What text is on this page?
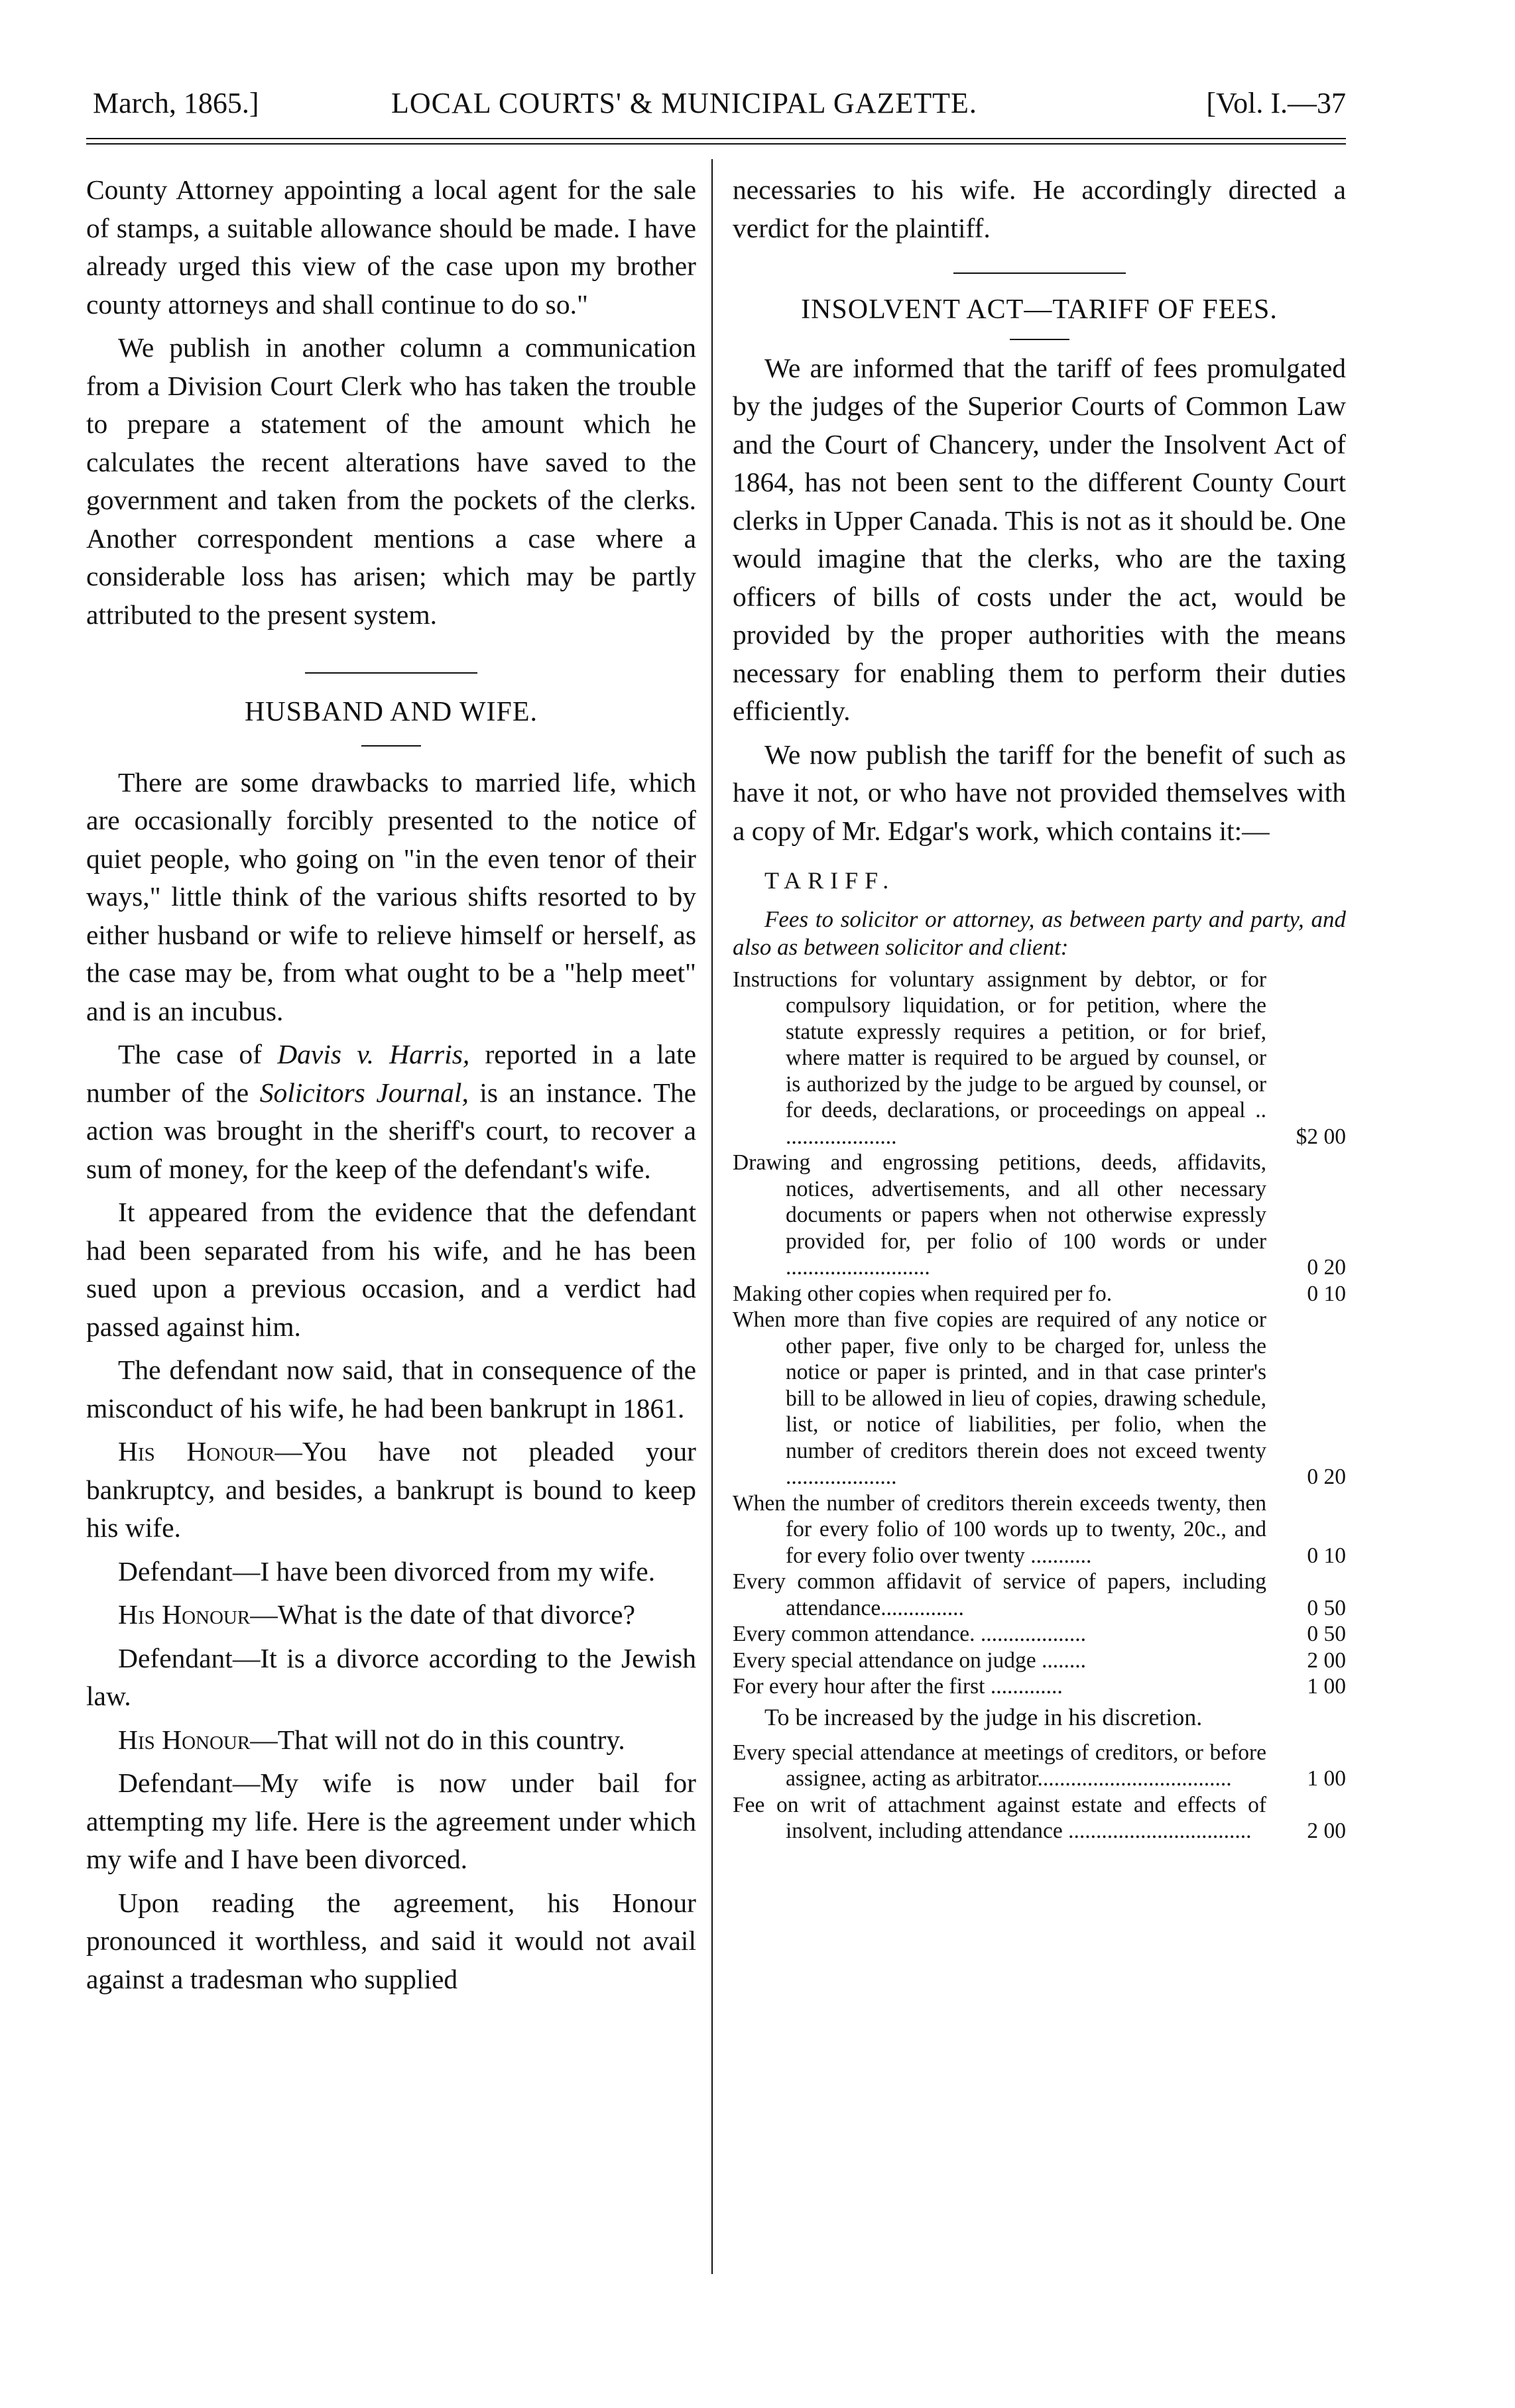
March, 1865.]	LOCAL COURTS' & MUNICIPAL GAZETTE.	[Vol. I.—37

County Attorney appointing a local agent for the sale of stamps, a suitable allowance should be made. I have already urged this view of the case upon my brother county attorneys and shall continue to do so."

We publish in another column a communication from a Division Court Clerk who has taken the trouble to prepare a statement of the amount which he calculates the recent alterations have saved to the government and taken from the pockets of the clerks. Another correspondent mentions a case where a considerable loss has arisen; which may be partly attributed to the present system.

HUSBAND AND WIFE.

There are some drawbacks to married life, which are occasionally forcibly presented to the notice of quiet people, who going on "in the even tenor of their ways," little think of the various shifts resorted to by either husband or wife to relieve himself or herself, as the case may be, from what ought to be a "help meet" and is an incubus.

The case of Davis v. Harris, reported in a late number of the Solicitors Journal, is an instance. The action was brought in the sheriff's court, to recover a sum of money, for the keep of the defendant's wife.

It appeared from the evidence that the defendant had been separated from his wife, and he has been sued upon a previous occasion, and a verdict had passed against him.

The defendant now said, that in consequence of the misconduct of his wife, he had been bankrupt in 1861.

His Honour—You have not pleaded your bankruptcy, and besides, a bankrupt is bound to keep his wife.

Defendant—I have been divorced from my wife.

His Honour—What is the date of that divorce?

Defendant—It is a divorce according to the Jewish law.

His Honour—That will not do in this country.

Defendant—My wife is now under bail for attempting my life. Here is the agreement under which my wife and I have been divorced.

Upon reading the agreement, his Honour pronounced it worthless, and said it would not avail against a tradesman who supplied

necessaries to his wife. He accordingly directed a verdict for the plaintiff.

INSOLVENT ACT—TARIFF OF FEES.

We are informed that the tariff of fees promulgated by the judges of the Superior Courts of Common Law and the Court of Chancery, under the Insolvent Act of 1864, has not been sent to the different County Court clerks in Upper Canada. This is not as it should be. One would imagine that the clerks, who are the taxing officers of bills of costs under the act, would be provided by the proper authorities with the means necessary for enabling them to perform their duties efficiently.

We now publish the tariff for the benefit of such as have it not, or who have not provided themselves with a copy of Mr. Edgar's work, which contains it:—

TARIFF.

Fees to solicitor or attorney, as between party and party, and also as between solicitor and client:

Instructions for voluntary assignment by debtor, or for compulsory liquidation, or for petition, where the statute expressly requires a petition, or for brief, where matter is required to be argued by counsel, or is authorized by the judge to be argued by counsel, or for deeds, declarations, or proceedings on appeal .. ....................	$2 00
Drawing and engrossing petitions, deeds, affidavits, notices, advertisements, and all other necessary documents or papers when not otherwise expressly provided for, per folio of 100 words or under ..........................	0 20
Making other copies when required per fo.	0 10
When more than five copies are required of any notice or other paper, five only to be charged for, unless the notice or paper is printed, and in that case printer's bill to be allowed in lieu of copies, drawing schedule, list, or notice of liabilities, per folio, when the number of creditors therein does not exceed twenty ....................	0 20
When the number of creditors therein exceeds twenty, then for every folio of 100 words up to twenty, 20c., and for every folio over twenty ...........	0 10
Every common affidavit of service of papers, including attendance...............	0 50
Every common attendance. ...................	0 50
Every special attendance on judge ........	2 00
For every hour after the first .............	1 00

To be increased by the judge in his discretion.

Every special attendance at meetings of creditors, or before assignee, acting as arbitrator...................................	1 00
Fee on writ of attachment against estate and effects of insolvent, including attendance .................................	2 00
